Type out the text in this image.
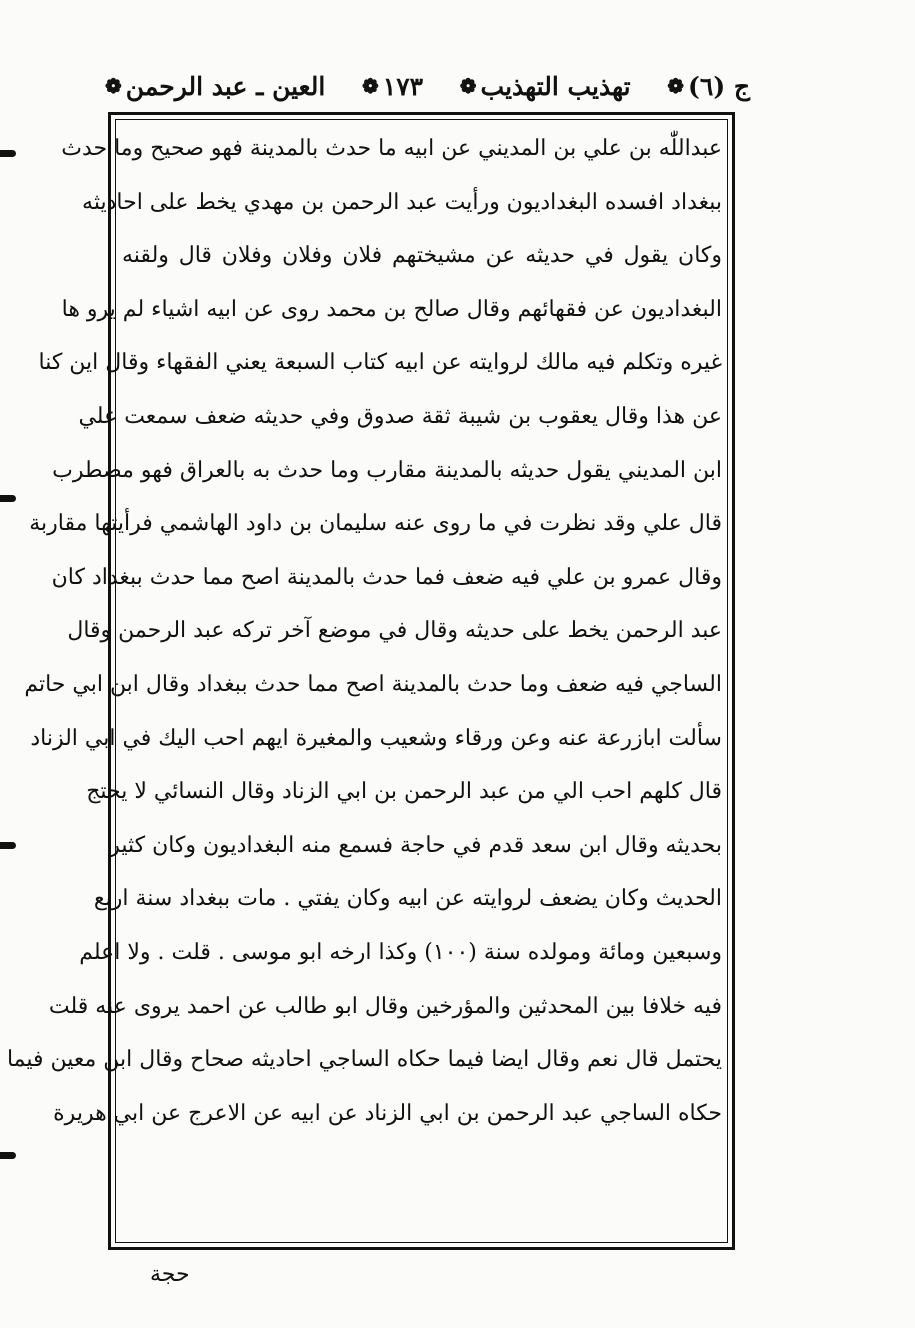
ج (٦)
❁
تهذيب التهذيب
❁
١٧٣
❁
العين ـ عبد الرحمن
❁
عبداللّٰه بن علي بن المديني عن ابيه ما حدث بالمدينة فهو صحيح وما حدث
ببغداد افسده البغداديون ورأيت عبد الرحمن بن مهدي يخط على احاديثه
وكان يقول في حديثه عن مشيختهم فلان وفلان وفلان قال ولقنه
البغداديون عن فقهائهم وقال صالح بن محمد روى عن ابيه اشياء لم يرو ها
غيره وتكلم فيه مالك لروايته عن ابيه كتاب السبعة يعني الفقهاء وقال اين كنا
عن هذا وقال يعقوب بن شيبة ثقة صدوق وفي حديثه ضعف سمعت علي
ابن المديني يقول حديثه بالمدينة مقارب وما حدث به بالعراق فهو مضطرب
قال علي وقد نظرت في ما روى عنه سليمان بن داود الهاشمي فرأيتها مقاربة
وقال عمرو بن علي فيه ضعف فما حدث بالمدينة اصح مما حدث ببغداد كان
عبد الرحمن يخط على حديثه وقال في موضع آخر تركه عبد الرحمن وقال
الساجي فيه ضعف وما حدث بالمدينة اصح مما حدث ببغداد وقال ابن ابي حاتم
سألت ابازرعة عنه وعن ورقاء وشعيب والمغيرة ايهم احب اليك في ابي الزناد
قال كلهم احب الي من عبد الرحمن بن ابي الزناد وقال النسائي لا يحتج
بحديثه وقال ابن سعد قدم في حاجة فسمع منه البغداديون وكان كثير
الحديث وكان يضعف لروايته عن ابيه وكان يفتي . مات ببغداد سنة اربع
وسبعين ومائة ومولده سنة (١٠٠) وكذا ارخه ابو موسى . قلت . ولا اعلم
فيه خلافا بين المحدثين والمؤرخين وقال ابو طالب عن احمد يروى عنه قلت
يحتمل قال نعم وقال ايضا فيما حكاه الساجي احاديثه صحاح وقال ابن معين فيما
حكاه الساجي عبد الرحمن بن ابي الزناد عن ابيه عن الاعرج عن ابي هريرة
حجة
